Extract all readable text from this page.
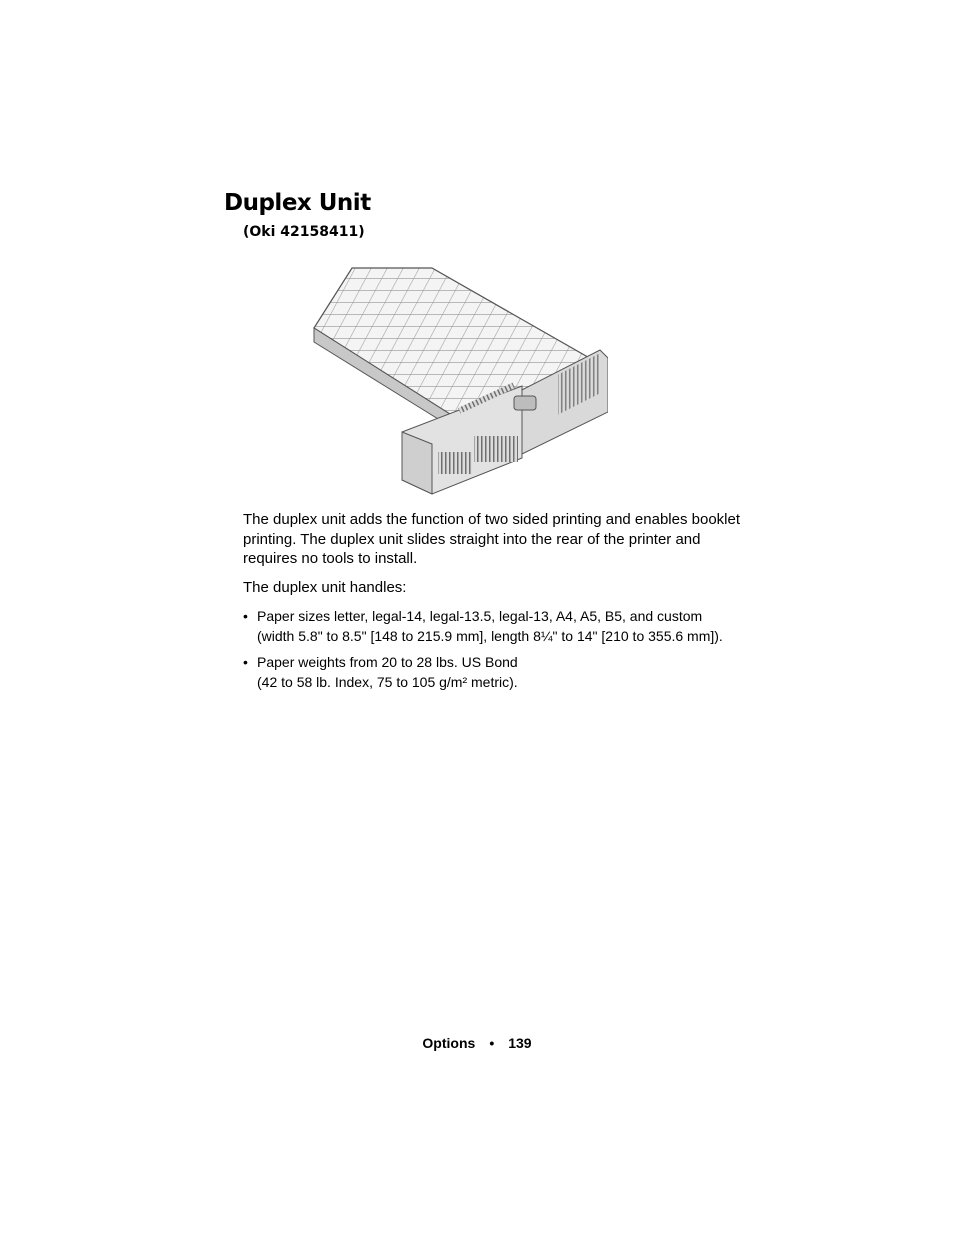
Duplex Unit
(Oki 42158411)

The duplex unit adds the function of two sided printing and enables booklet printing. The duplex unit slides straight into the rear of the printer and requires no tools to install.

The duplex unit handles:

• Paper sizes letter, legal-14, legal-13.5, legal-13, A4, A5, B5, and custom (width 5.8" to 8.5" [148 to 215.9 mm], length 8¼" to 14" [210 to 355.6 mm]).
• Paper weights from 20 to 28 lbs. US Bond
(42 to 58 lb. Index, 75 to 105 g/m² metric).
Options • 139
